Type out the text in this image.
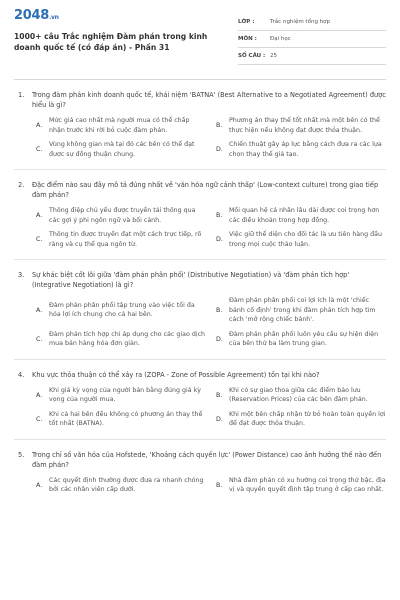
2048.vn
1000+ câu Trắc nghiệm Đàm phán trong kinh doanh quốc tế (có đáp án) - Phần 31
LỚP :	Trắc nghiệm tổng hợp
MÔN :	Đại học
SỐ CÂU : 25
1.	Trong đàm phán kinh doanh quốc tế, khái niệm 'BATNA' (Best Alternative to a Negotiated Agreement) được hiểu là gì?
A.
Mức giá cao nhất mà người mua có thể chấp nhận trước khi rời bỏ cuộc đàm phán.
B.
Phương án thay thế tốt nhất mà một bên có thể thực hiện nếu không đạt được thỏa thuận.
C.
Vùng không gian mà tại đó các bên có thể đạt được sự đồng thuận chung.
D.
Chiến thuật gây áp lực bằng cách đưa ra các lựa chọn thay thế giả tạo.
2.	Đặc điểm nào sau đây mô tả đúng nhất về 'văn hóa ngữ cảnh thấp' (Low-context culture) trong giao tiếp đàm phán?
A.
Thông điệp chủ yếu được truyền tải thông qua các gợi ý phi ngôn ngữ và bối cảnh.
B.
Mối quan hệ cá nhân lâu dài được coi trọng hơn các điều khoản trong hợp đồng.
C.
Thông tin được truyền đạt một cách trực tiếp, rõ ràng và cụ thể qua ngôn từ.
D.
Việc giữ thể diện cho đối tác là ưu tiên hàng đầu trong mọi cuộc thảo luận.
3.	Sự khác biệt cốt lõi giữa 'đàm phán phân phối' (Distributive Negotiation) và 'đàm phán tích hợp' (Integrative Negotiation) là gì?
A.
Đàm phán phân phối tập trung vào việc tối đa hóa lợi ích chung cho cả hai bên.
B.
Đàm phán phân phối coi lợi ích là một 'chiếc bánh cố định' trong khi đàm phán tích hợp tìm cách 'mở rộng chiếc bánh'.
C.
Đàm phán tích hợp chỉ áp dụng cho các giao dịch mua bán hàng hóa đơn giản.
D.
Đàm phán phân phối luôn yêu cầu sự hiện diện của bên thứ ba làm trung gian.
4.	Khu vực thỏa thuận có thể xảy ra (ZOPA - Zone of Possible Agreement) tồn tại khi nào?
A.
Khi giá kỳ vọng của người bán bằng đúng giá kỳ vọng của người mua.
B.
Khi có sự giao thoa giữa các điểm bảo lưu (Reservation Prices) của các bên đàm phán.
C.
Khi cả hai bên đều không có phương án thay thế tốt nhất (BATNA).
D.
Khi một bên chấp nhận từ bỏ hoàn toàn quyền lợi để đạt được thỏa thuận.
5.	Trong chỉ số văn hóa của Hofstede, 'Khoảng cách quyền lực' (Power Distance) cao ảnh hưởng thế nào đến đàm phán?
A.
Các quyết định thường được đưa ra nhanh chóng bởi các nhân viên cấp dưới.
B.
Nhà đàm phán có xu hướng coi trọng thứ bậc, địa vị và quyền quyết định tập trung ở cấp cao nhất.
